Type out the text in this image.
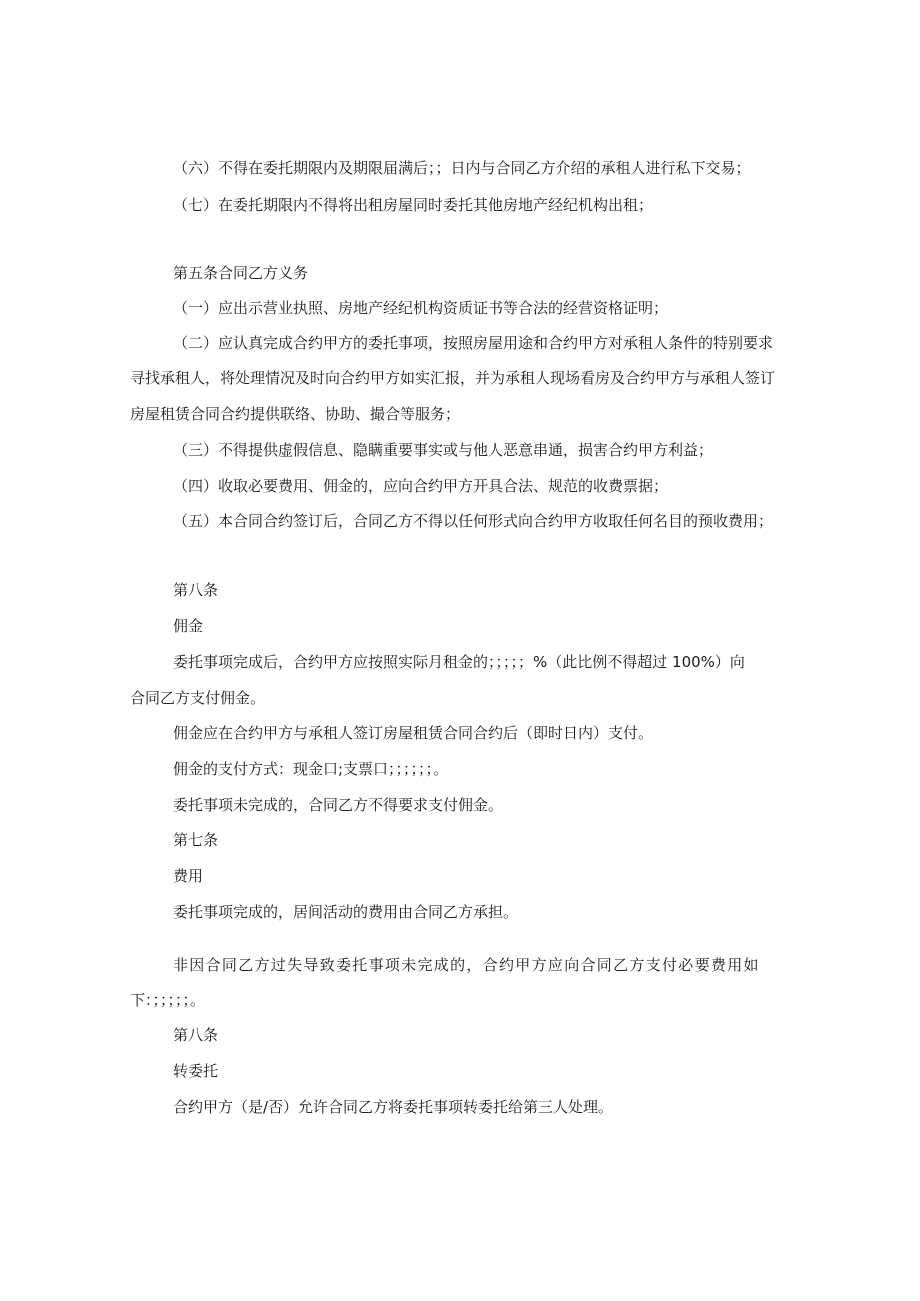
（六）不得在委托期限内及期限届满后；；日内与合同乙方介绍的承租人进行私下交易；
（七）在委托期限内不得将出租房屋同时委托其他房地产经纪机构出租；
第五条合同乙方义务
（一）应出示营业执照、房地产经纪机构资质证书等合法的经营资格证明；
（二）应认真完成合约甲方的委托事项，按照房屋用途和合约甲方对承租人条件的特别要求
寻找承租人，将处理情况及时向合约甲方如实汇报，并为承租人现场看房及合约甲方与承租人签订
房屋租赁合同合约提供联络、协助、撮合等服务；
（三）不得提供虚假信息、隐瞒重要事实或与他人恶意串通，损害合约甲方利益；
（四）收取必要费用、佣金的，应向合约甲方开具合法、规范的收费票据；
（五）本合同合约签订后，合同乙方不得以任何形式向合约甲方收取任何名目的预收费用；
第八条
佣金
委托事项完成后，合约甲方应按照实际月租金的；；；；；%（此比例不得超过 100%）向
合同乙方支付佣金。
佣金应在合约甲方与承租人签订房屋租赁合同合约后（即时日内）支付。
佣金的支付方式：现金口;支票口；；；；；；。
委托事项未完成的，合同乙方不得要求支付佣金。
第七条
费用
委托事项完成的，居间活动的费用由合同乙方承担。
非因合同乙方过失导致委托事项未完成的，合约甲方应向合同乙方支付必要费用如
下：；；；；；。
第八条
转委托
合约甲方（是/否）允许合同乙方将委托事项转委托给第三人处理。
